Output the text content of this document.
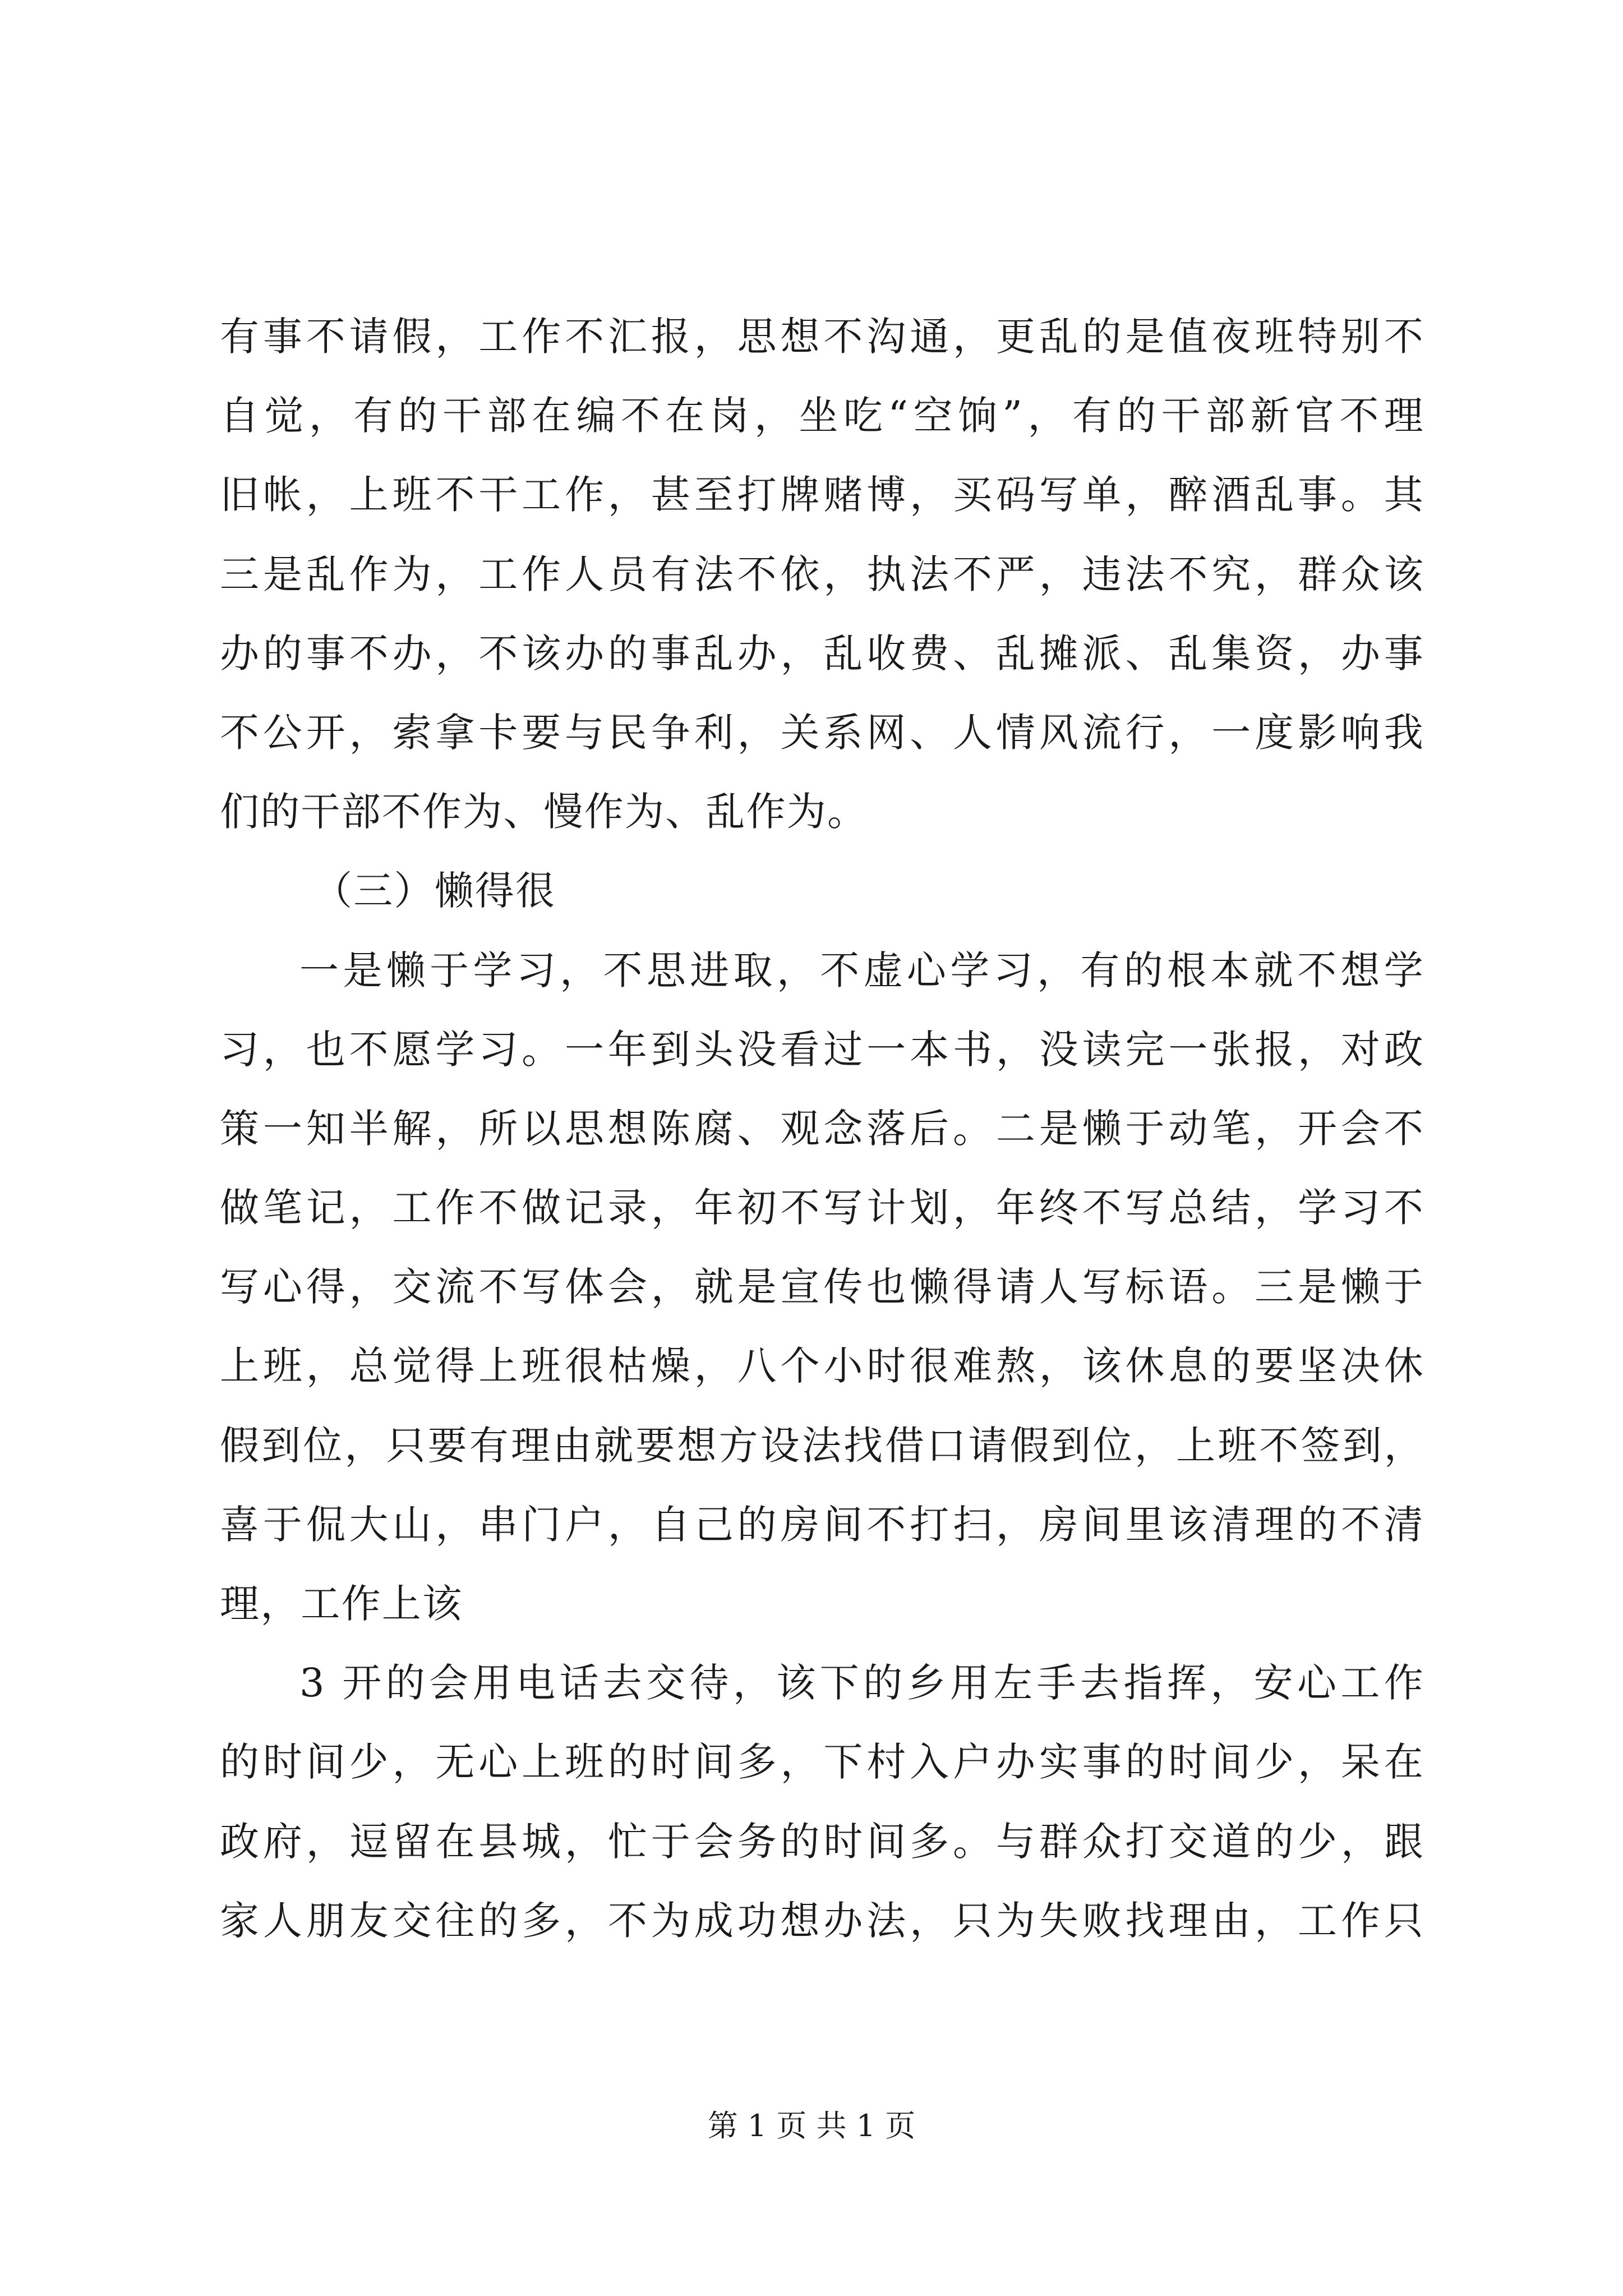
有事不请假，工作不汇报，思想不沟通，更乱的是值夜班特别不
自觉，有的干部在编不在岗，坐吃“空饷”，有的干部新官不理
旧帐，上班不干工作，甚至打牌赌博，买码写单，醉酒乱事。其
三是乱作为，工作人员有法不依，执法不严，违法不究，群众该
办的事不办，不该办的事乱办，乱收费、乱摊派、乱集资，办事
不公开，索拿卡要与民争利，关系网、人情风流行，一度影响我
们的干部不作为、慢作为、乱作为。
（三）懒得很
一是懒于学习，不思进取，不虚心学习，有的根本就不想学
习，也不愿学习。一年到头没看过一本书，没读完一张报，对政
策一知半解，所以思想陈腐、观念落后。二是懒于动笔，开会不
做笔记，工作不做记录，年初不写计划，年终不写总结，学习不
写心得，交流不写体会，就是宣传也懒得请人写标语。三是懒于
上班，总觉得上班很枯燥，八个小时很难熬，该休息的要坚决休
假到位，只要有理由就要想方设法找借口请假到位，上班不签到，
喜于侃大山，串门户，自己的房间不打扫，房间里该清理的不清
理，工作上该
3 开的会用电话去交待，该下的乡用左手去指挥，安心工作
的时间少，无心上班的时间多，下村入户办实事的时间少，呆在
政府，逗留在县城，忙于会务的时间多。与群众打交道的少，跟
家人朋友交往的多，不为成功想办法，只为失败找理由，工作只
第 1 页 共 1 页
